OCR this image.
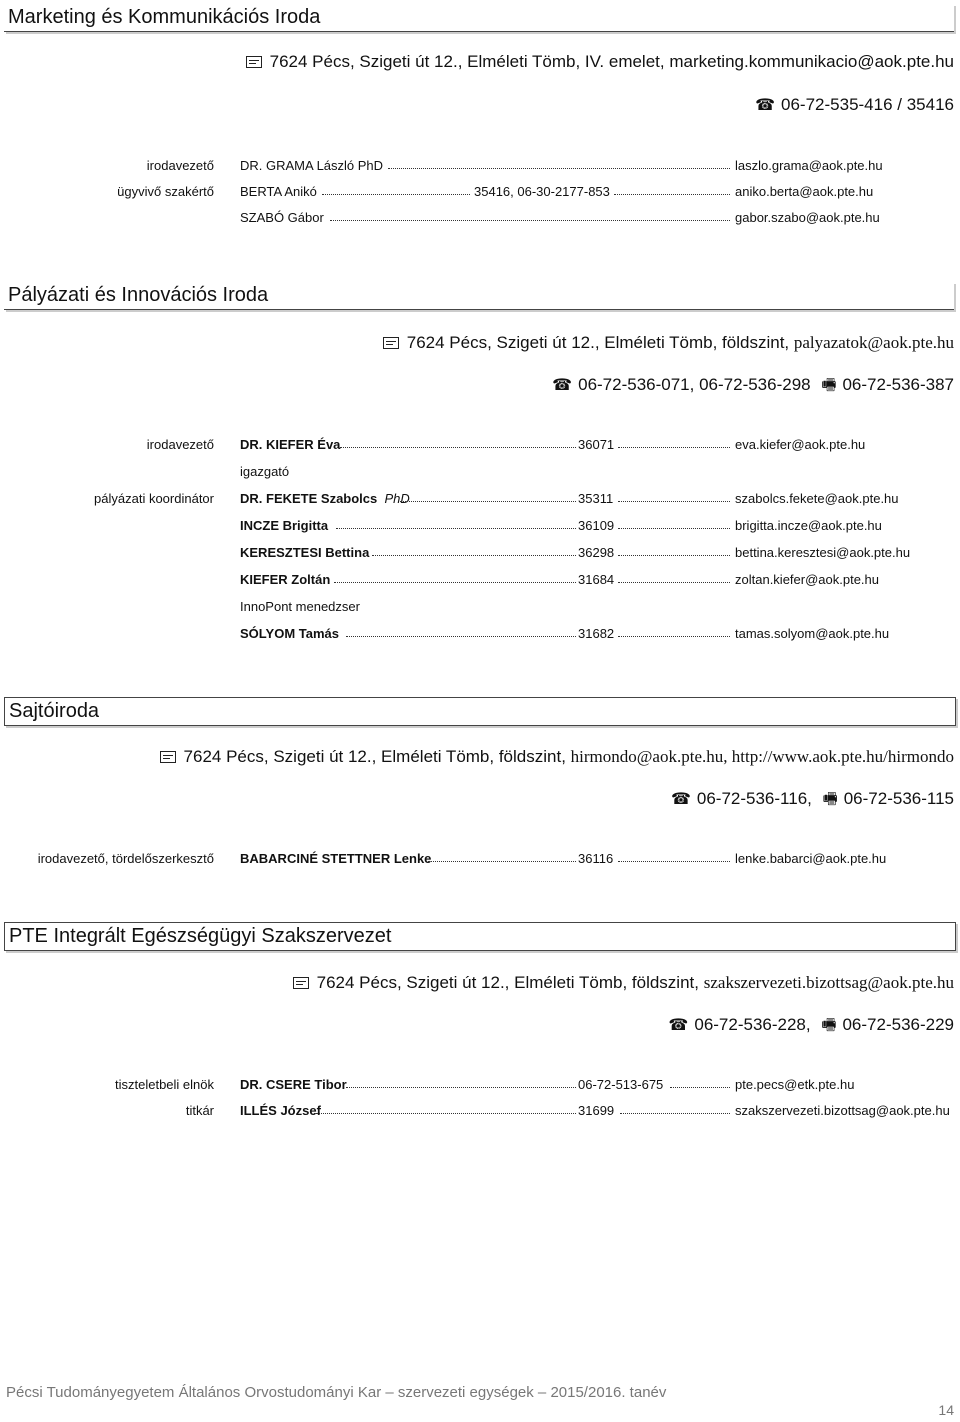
Marketing és Kommunikációs Iroda
7624 Pécs, Szigeti út 12., Elméleti Tömb, IV. emelet, marketing.kommunikacio@aok.pte.hu
☎ 06-72-535-416 / 35416
irodavezető DR. GRAMA László PhD	laszlo.grama@aok.pte.hu
ügyvivő szakértő BERTA Anikó	35416, 06-30-2177-853	aniko.berta@aok.pte.hu
SZABÓ Gábor	gabor.szabo@aok.pte.hu
Pályázati és Innovációs Iroda
7624 Pécs, Szigeti út 12., Elméleti Tömb, földszint, palyazatok@aok.pte.hu
☎ 06-72-536-071, 06-72-536-298 🖷 06-72-536-387
irodavezető DR. KIEFER Éva	36071	eva.kiefer@aok.pte.hu
igazgató
pályázati koordinátor DR. FEKETE Szabolcs PhD	35311	szabolcs.fekete@aok.pte.hu
INCZE Brigitta	36109	brigitta.incze@aok.pte.hu
KERESZTESI Bettina	36298	bettina.keresztesi@aok.pte.hu
KIEFER Zoltán	31684	zoltan.kiefer@aok.pte.hu
InnoPont menedzser
SÓLYOM Tamás	31682	tamas.solyom@aok.pte.hu
Sajtóiroda
7624 Pécs, Szigeti út 12., Elméleti Tömb, földszint, hirmondo@aok.pte.hu, http://www.aok.pte.hu/hirmondo
☎ 06-72-536-116, 🖷 06-72-536-115
irodavezető, tördelőszerkesztő BABARCINÉ STETTNER Lenke	36116	lenke.babarci@aok.pte.hu
PTE Integrált Egészségügyi Szakszervezet
7624 Pécs, Szigeti út 12., Elméleti Tömb, földszint, szakszervezeti.bizottsag@aok.pte.hu
☎ 06-72-536-228, 🖷 06-72-536-229
tiszteletbeli elnök DR. CSERE Tibor	06-72-513-675	pte.pecs@etk.pte.hu
titkár ILLÉS József	31699	szakszervezeti.bizottsag@aok.pte.hu
Pécsi Tudományegyetem Általános Orvostudományi Kar – szervezeti egységek – 2015/2016. tanév
14
